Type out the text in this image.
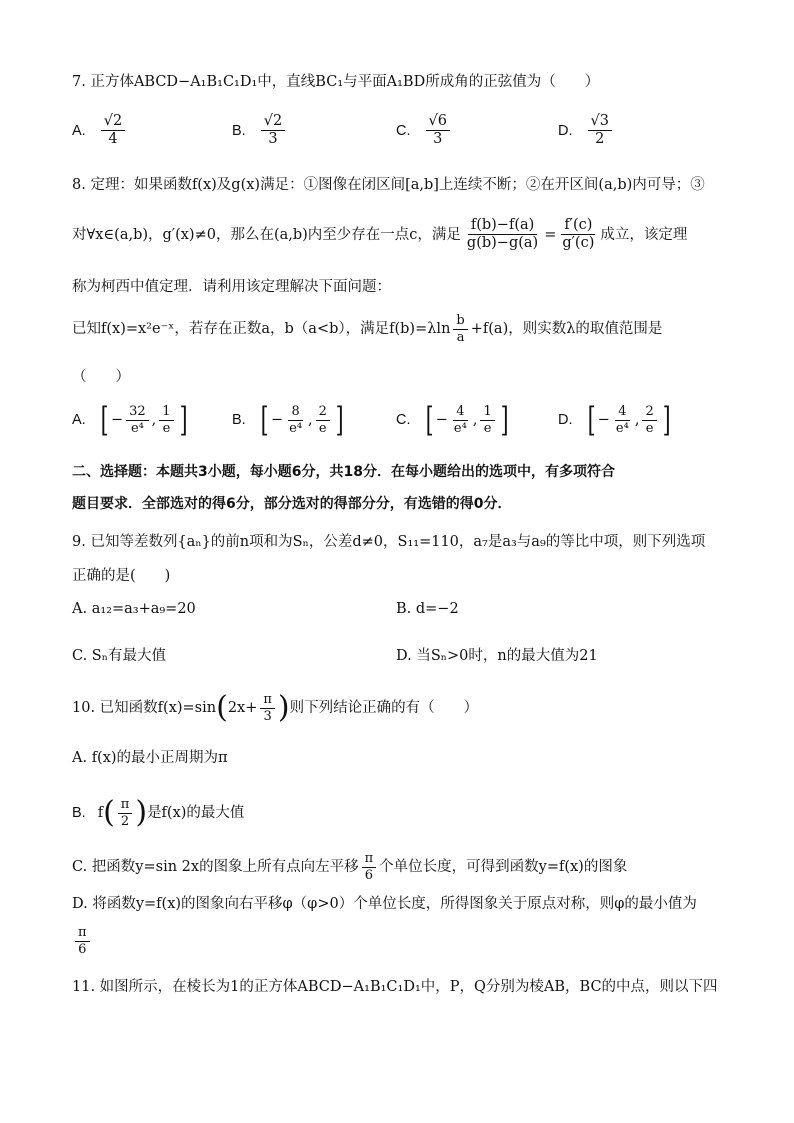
7. 正方体ABCD−A₁B₁C₁D₁中，直线BC₁与平面A₁BD所成角的正弦值为（　　）
A. $\frac{√2}{4}$	B. $\frac{√2}{3}$	C. $\frac{√6}{3}$	D. $\frac{√3}{2}$
8. 定理：如果函数f(x)及g(x)满足：①图像在闭区间[a,b]上连续不断；②在开区间(a,b)内可导；③
对∀x∈(a,b)，g′(x)≠0，那么在(a,b)内至少存在一点c，满足 $\frac{f(b)-f(a)}{g(b)-g(a)} = \frac{f'(c)}{g'(c)}$ 成立，该定理
称为柯西中值定理．请利用该定理解决下面问题：
已知f(x)=x²e⁻ˣ，若存在正数a，b（a<b），满足$f(b)=\lambda\ln \frac{b}{a} +f(a)$，则实数λ的取值范围是
（　　）
A. [ − $\frac{32}{\text{e⁴}}$ , $\frac{1}{e}$ ]	B. [ − $\frac{8}{\text{e⁴}}$ , $\frac{2}{e}$ ]	C. [ − $\frac{4}{\text{e⁴}}$ , $\frac{1}{e}$ ]	D. [ − $\frac{4}{\text{e⁴}}$ , $\frac{2}{e}$ ]
二、选择题：本题共3小题，每小题6分，共18分．在每小题给出的选项中，有多项符合
题目要求．全部选对的得6分，部分选对的得部分分，有选错的得0分．
9. 已知等差数列{aₙ}的前n项和为Sₙ，公差d≠0，S₁₁=110，a₇是a₃与a₉的等比中项，则下列选项
正确的是(　　)
A. a₁₂=a₃+a₉=20	B. d=−2
C. Sₙ有最大值	D. 当Sₙ>0时，n的最大值为21
10. 已知函数f(x)=sin ( $2x+ \frac{\pi}{3}$ ) 则下列结论正确的有（　　）
A. f(x)的最小正周期为π
B. f ( $\frac{\pi}{2}$ ) 是f(x)的最大值
C. 把函数y=sin 2x的图象上所有点向左平移 $\frac{\pi}{6}$ 个单位长度，可得到函数y=f(x)的图象
D. 将函数y=f(x)的图象向右平移φ（φ>0）个单位长度，所得图象关于原点对称，则φ的最小值为
$\frac{\pi}{6}$
11. 如图所示，在棱长为1的正方体ABCD−A₁B₁C₁D₁中，P，Q分别为棱AB，BC的中点，则以下四
